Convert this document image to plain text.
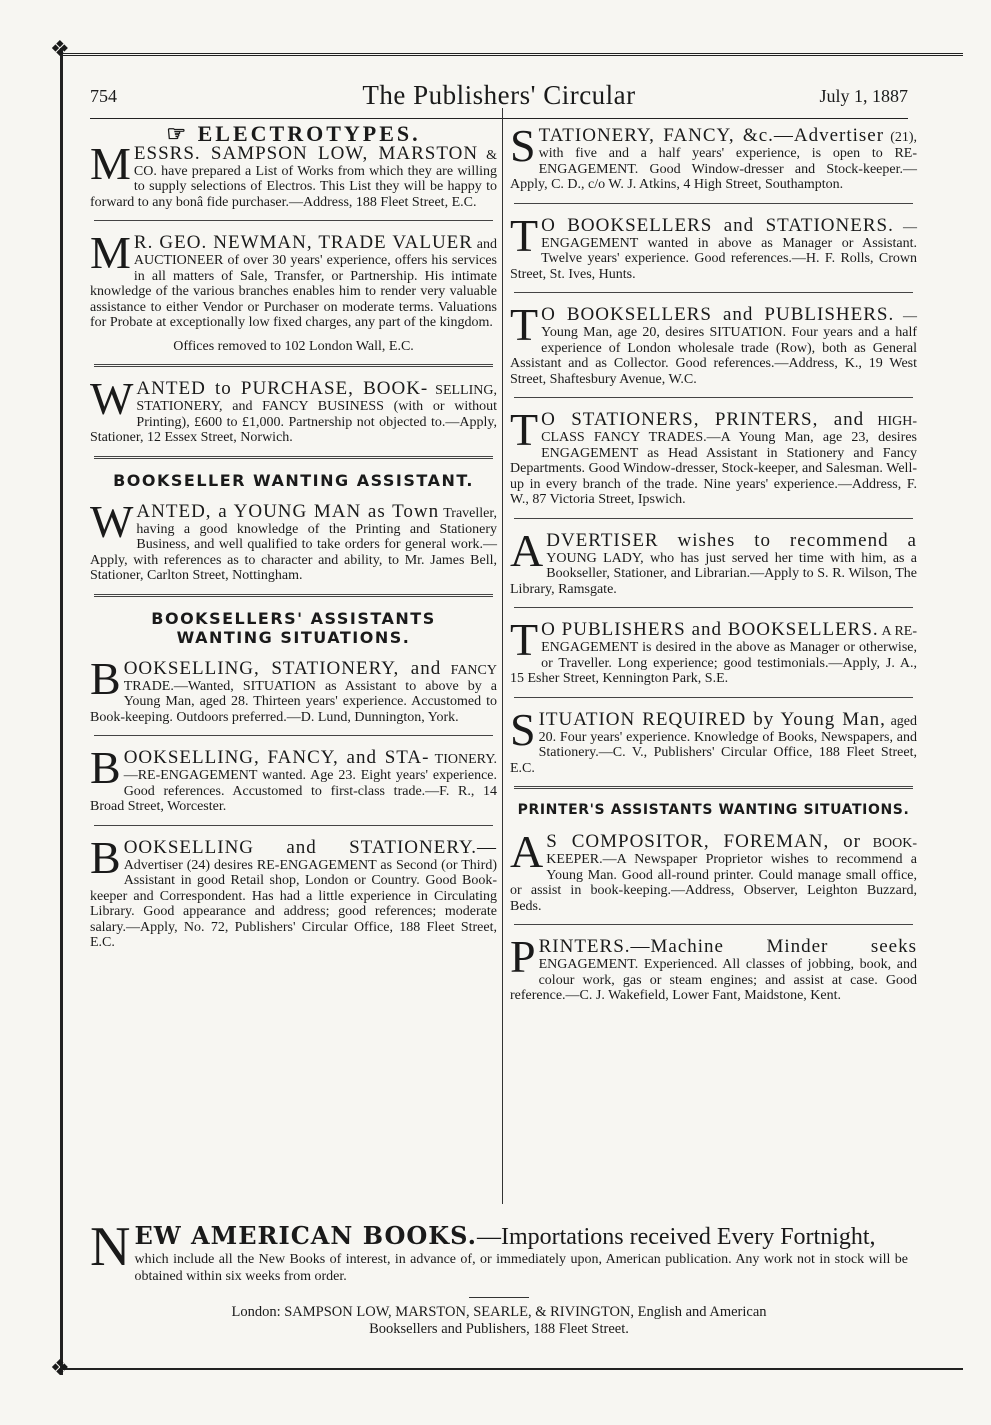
❖
❖
754	The Publishers' Circular	July 1, 1887
☞ ELECTROTYPES.
M ESSRS. SAMPSON LOW, MARSTON & CO. have prepared a List of Works from which they are willing to supply selections of Electros. This List they will be happy to forward to any bonâ fide purchaser.—Address, 188 Fleet Street, E.C.
M R. GEO. NEWMAN, TRADE VALUER and AUCTIONEER of over 30 years' experience, offers his services in all matters of Sale, Transfer, or Partnership. His intimate knowledge of the various branches enables him to render very valuable assistance to either Vendor or Purchaser on moderate terms. Valuations for Probate at exceptionally low fixed charges, any part of the kingdom.
Offices removed to 102 London Wall, E.C.
W ANTED to PURCHASE, BOOK- SELLING, STATIONERY, and FANCY BUSINESS (with or without Printing), £600 to £1,000. Partnership not objected to.—Apply, Stationer, 12 Essex Street, Norwich.
BOOKSELLER WANTING ASSISTANT.
W ANTED, a YOUNG MAN as Town Traveller, having a good knowledge of the Printing and Stationery Business, and well qualified to take orders for general work.—Apply, with references as to character and ability, to Mr. James Bell, Stationer, Carlton Street, Nottingham.
BOOKSELLERS' ASSISTANTS WANTING SITUATIONS.
B OOKSELLING, STATIONERY, and FANCY TRADE.—Wanted, SITUATION as Assistant to above by a Young Man, aged 28. Thirteen years' experience. Accustomed to Book-keeping. Outdoors preferred.—D. Lund, Dunnington, York.
B OOKSELLING, FANCY, and STA- TIONERY.—RE-ENGAGEMENT wanted. Age 23. Eight years' experience. Good references. Accustomed to first-class trade.—F. R., 14 Broad Street, Worcester.
B OOKSELLING and STATIONERY.— Advertiser (24) desires RE-ENGAGEMENT as Second (or Third) Assistant in good Retail shop, London or Country. Good Book-keeper and Correspondent. Has had a little experience in Circulating Library. Good appearance and address; good references; moderate salary.—Apply, No. 72, Publishers' Circular Office, 188 Fleet Street, E.C.
S TATIONERY, FANCY, &c.—Advertiser (21), with five and a half years' experience, is open to RE-ENGAGEMENT. Good Window-dresser and Stock-keeper.—Apply, C. D., c/o W. J. Atkins, 4 High Street, Southampton.
T O BOOKSELLERS and STATIONERS. —ENGAGEMENT wanted in above as Manager or Assistant. Twelve years' experience. Good references.—H. F. Rolls, Crown Street, St. Ives, Hunts.
T O BOOKSELLERS and PUBLISHERS. —Young Man, age 20, desires SITUATION. Four years and a half experience of London wholesale trade (Row), both as General Assistant and as Collector. Good references.—Address, K., 19 West Street, Shaftesbury Avenue, W.C.
T O STATIONERS, PRINTERS, and HIGH-CLASS FANCY TRADES.—A Young Man, age 23, desires ENGAGEMENT as Head Assistant in Stationery and Fancy Departments. Good Window-dresser, Stock-keeper, and Salesman. Well-up in every branch of the trade. Nine years' experience.—Address, F. W., 87 Victoria Street, Ipswich.
A DVERTISER wishes to recommend a YOUNG LADY, who has just served her time with him, as a Bookseller, Stationer, and Librarian.—Apply to S. R. Wilson, The Library, Ramsgate.
T O PUBLISHERS and BOOKSELLERS. A RE-ENGAGEMENT is desired in the above as Manager or otherwise, or Traveller. Long experience; good testimonials.—Apply, J. A., 15 Esher Street, Kennington Park, S.E.
S ITUATION REQUIRED by Young Man, aged 20. Four years' experience. Knowledge of Books, Newspapers, and Stationery.—C. V., Publishers' Circular Office, 188 Fleet Street, E.C.
PRINTER'S ASSISTANTS WANTING SITUATIONS.
A S COMPOSITOR, FOREMAN, or BOOK-KEEPER.—A Newspaper Proprietor wishes to recommend a Young Man. Good all-round printer. Could manage small office, or assist in book-keeping.—Address, Observer, Leighton Buzzard, Beds.
P RINTERS.—Machine Minder seeks ENGAGEMENT. Experienced. All classes of jobbing, book, and colour work, gas or steam engines; and assist at case. Good reference.—C. J. Wakefield, Lower Fant, Maidstone, Kent.
N EW AMERICAN BOOKS.—Importations received Every Fortnight,
which include all the New Books of interest, in advance of, or immediately upon, American publication. Any work not in stock will be obtained within six weeks from order.
London: SAMPSON LOW, MARSTON, SEARLE, & RIVINGTON, English and American
Booksellers and Publishers, 188 Fleet Street.
